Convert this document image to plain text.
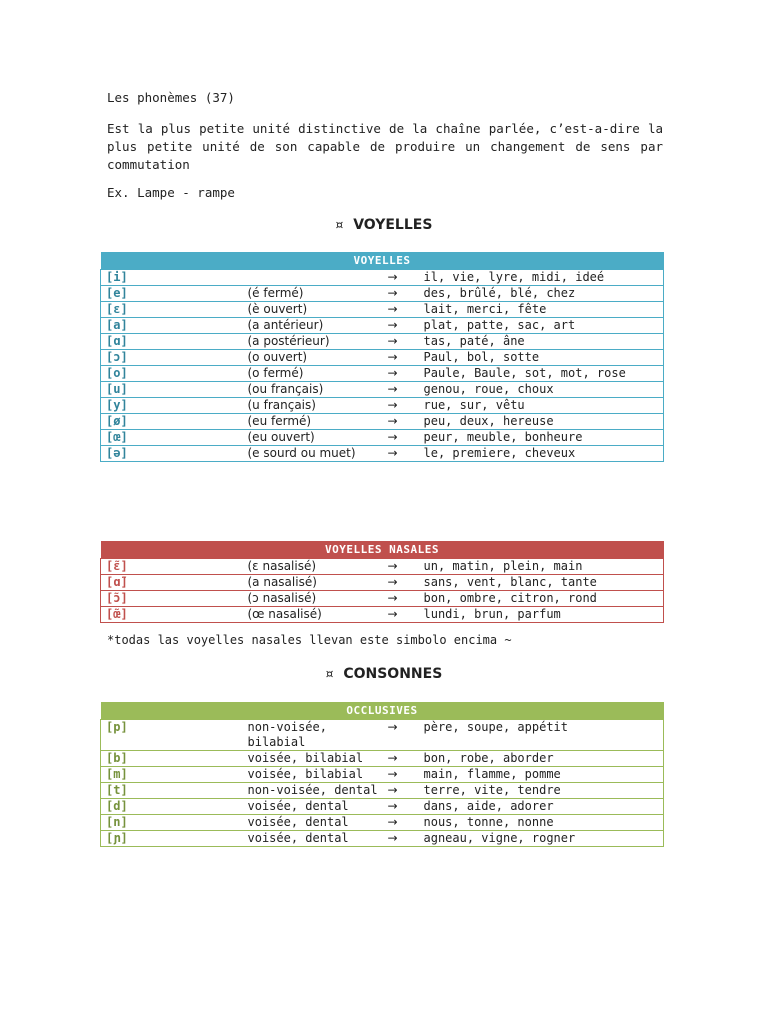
Les phonèmes (37)

Est la plus petite unité distinctive de la chaîne parlée, c’est-a-dire la plus petite unité de son capable de produire un changement de sens par commutation

Ex. Lampe - rampe

¤ VOYELLES
VOYELLES			
[i]		→	il, vie, lyre, midi, ideé
[e]	(é fermé)	→	des, brûlé, blé, chez
[ɛ]	(è ouvert)	→	lait, merci, fête
[a]	(a antérieur)	→	plat, patte, sac, art
[ɑ]	(a postérieur)	→	tas, paté, âne
[ɔ]	(o ouvert)	→	Paul, bol, sotte
[o]	(o fermé)	→	Paule, Baule, sot, mot, rose
[u]	(ou français)	→	genou, roue, choux
[y]	(u français)	→	rue, sur, vêtu
[ø]	(eu fermé)	→	peu, deux, hereuse
[œ]	(eu ouvert)	→	peur, meuble, bonheure
[ə]	(e sourd ou muet)	→	le, premiere, cheveux
VOYELLES NASALES			
[ɛ̃]	(ɛ nasalisé)	→	un, matin, plein, main
[ɑ̃]	(a nasalisé)	→	sans, vent, blanc, tante
[ɔ̃]	(ɔ nasalisé)	→	bon, ombre, citron, rond
[œ̃]	(œ nasalisé)	→	lundi, brun, parfum

*todas las voyelles nasales llevan este simbolo encima ~

¤ CONSONNES
OCCLUSIVES			
[p]	non-voisée, bilabial	→	père, soupe, appétit
[b]	voisée, bilabial	→	bon, robe, aborder
[m]	voisée, bilabial	→	main, flamme, pomme
[t]	non-voisée, dental	→	terre, vite, tendre
[d]	voisée, dental	→	dans, aide, adorer
[n]	voisée, dental	→	nous, tonne, nonne
[ɲ]	voisée, dental	→	agneau, vigne, rogner
